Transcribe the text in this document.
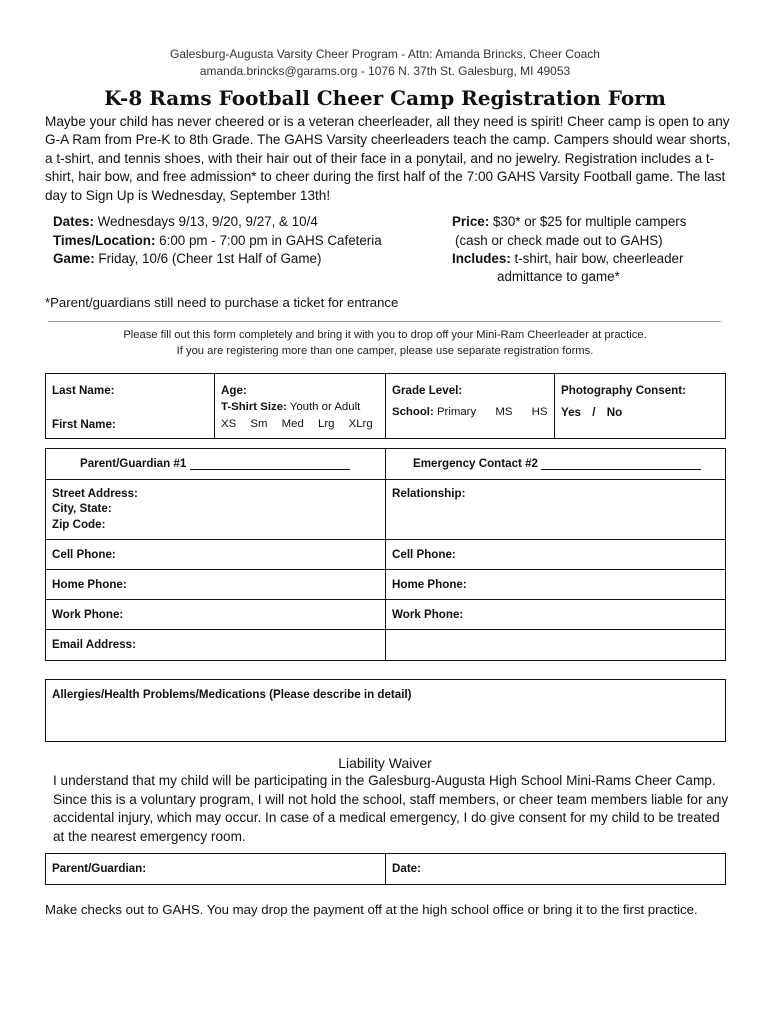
Galesburg-Augusta Varsity Cheer Program - Attn: Amanda Brincks, Cheer Coach
amanda.brincks@garams.org - 1076 N. 37th St. Galesburg, MI 49053
K-8 Rams Football Cheer Camp Registration Form
Maybe your child has never cheered or is a veteran cheerleader, all they need is spirit! Cheer camp is open to any G-A Ram from Pre-K to 8th Grade. The GAHS Varsity cheerleaders teach the camp. Campers should wear shorts, a t-shirt, and tennis shoes, with their hair out of their face in a ponytail, and no jewelry. Registration includes a t-shirt, hair bow, and free admission* to cheer during the first half of the 7:00 GAHS Varsity Football game. The last day to Sign Up is Wednesday, September 13th!
Dates: Wednesdays 9/13, 9/20, 9/27, & 10/4
Times/Location: 6:00 pm - 7:00 pm in GAHS Cafeteria
Game: Friday, 10/6 (Cheer 1st Half of Game)
Price: $30* or $25 for multiple campers
(cash or check made out to GAHS)
Includes: t-shirt, hair bow, cheerleader
admittance to game*
*Parent/guardians still need to purchase a ticket for entrance
Please fill out this form completely and bring it with you to drop off your Mini-Ram Cheerleader at practice.
If you are registering more than one camper, please use separate registration forms.
Last Name:
First Name:
Age:
T-Shirt Size: Youth or Adult
XS Sm Med Lrg XLrg
Grade Level:
School: Primary MS HS
Photography Consent:
Yes / No
Parent/Guardian #1	Emergency Contact #2
Street Address:
City, State:
Zip Code:
Relationship:
Cell Phone:	Cell Phone:
Home Phone:	Home Phone:
Work Phone:	Work Phone:
Email Address:
Allergies/Health Problems/Medications (Please describe in detail)
Liability Waiver
I understand that my child will be participating in the Galesburg-Augusta High School Mini-Rams Cheer Camp. Since this is a voluntary program, I will not hold the school, staff members, or cheer team members liable for any accidental injury, which may occur. In case of a medical emergency, I do give consent for my child to be treated at the nearest emergency room.
Parent/Guardian:	Date:
Make checks out to GAHS. You may drop the payment off at the high school office or bring it to the first practice.
